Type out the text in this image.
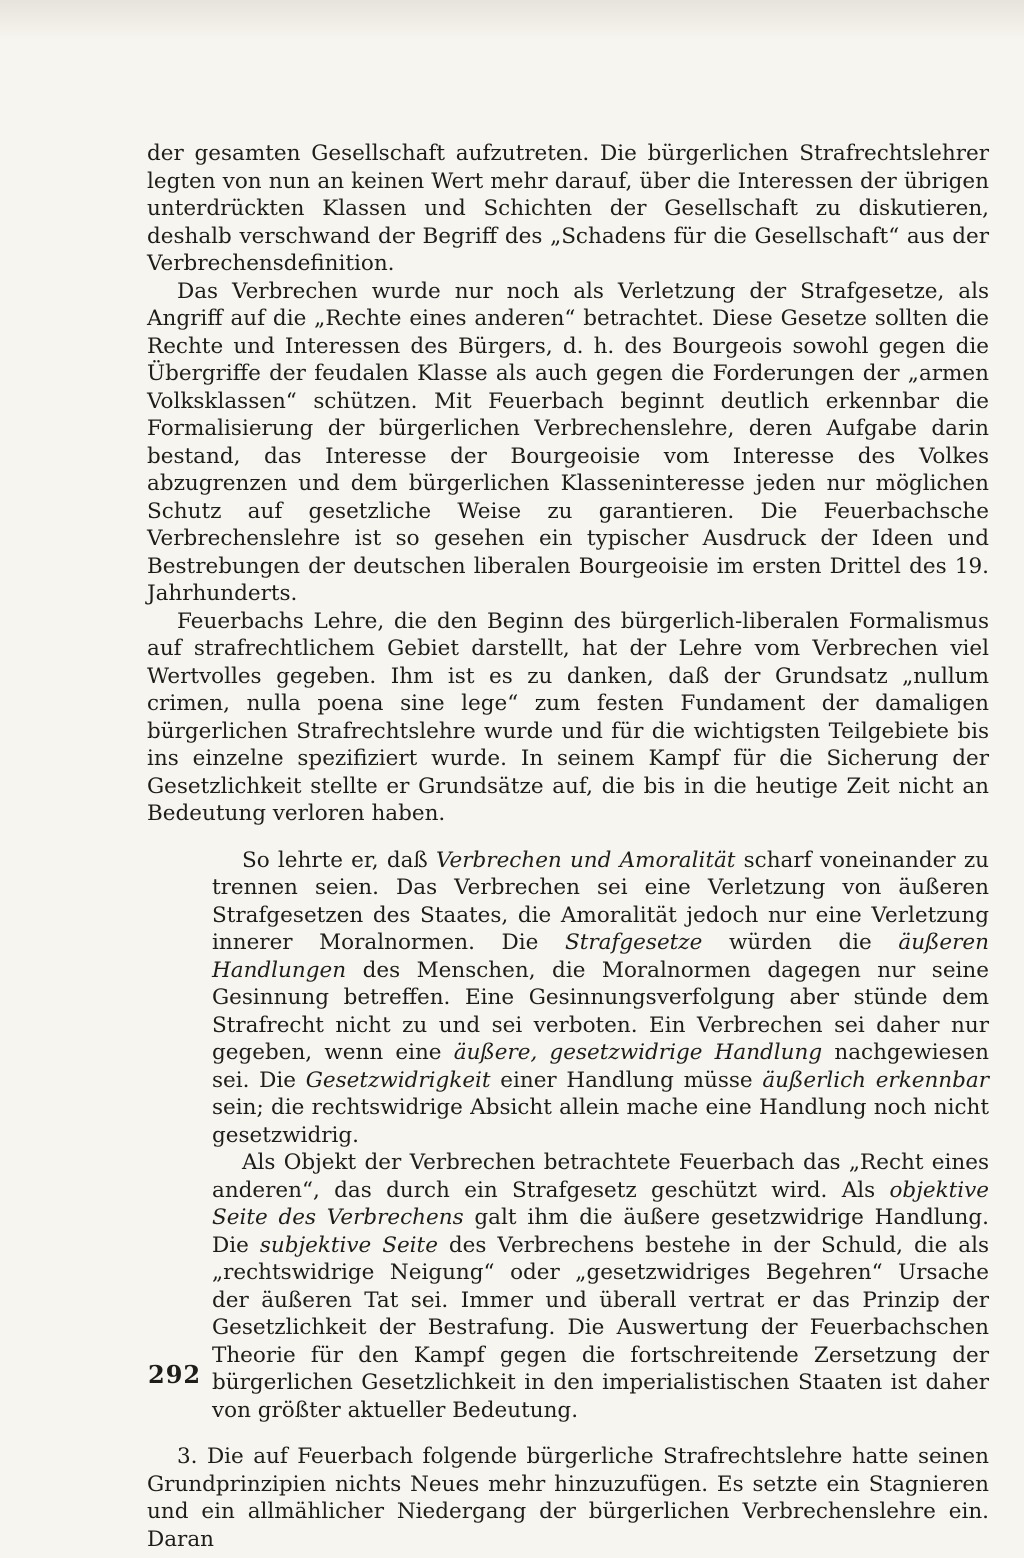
der gesamten Gesellschaft aufzutreten. Die bürgerlichen Strafrechtslehrer legten von nun an keinen Wert mehr darauf, über die Interessen der übrigen unterdrückten Klassen und Schichten der Gesellschaft zu diskutieren, deshalb verschwand der Begriff des „Schadens für die Gesellschaft“ aus der Verbrechensdefinition.

Das Verbrechen wurde nur noch als Verletzung der Strafgesetze, als Angriff auf die „Rechte eines anderen“ betrachtet. Diese Gesetze sollten die Rechte und Interessen des Bürgers, d. h. des Bourgeois sowohl gegen die Übergriffe der feudalen Klasse als auch gegen die Forderungen der „armen Volksklassen“ schützen. Mit Feuerbach beginnt deutlich erkennbar die Formalisierung der bürgerlichen Verbrechenslehre, deren Aufgabe darin bestand, das Interesse der Bourgeoisie vom Interesse des Volkes abzugrenzen und dem bürgerlichen Klasseninteresse jeden nur möglichen Schutz auf gesetzliche Weise zu garantieren. Die Feuerbachsche Verbrechenslehre ist so gesehen ein typischer Ausdruck der Ideen und Bestrebungen der deutschen liberalen Bourgeoisie im ersten Drittel des 19. Jahrhunderts.

Feuerbachs Lehre, die den Beginn des bürgerlich-liberalen Formalismus auf strafrechtlichem Gebiet darstellt, hat der Lehre vom Verbrechen viel Wertvolles gegeben. Ihm ist es zu danken, daß der Grundsatz „nullum crimen, nulla poena sine lege“ zum festen Fundament der damaligen bürgerlichen Strafrechtslehre wurde und für die wichtigsten Teilgebiete bis ins einzelne spezifiziert wurde. In seinem Kampf für die Sicherung der Gesetzlichkeit stellte er Grundsätze auf, die bis in die heutige Zeit nicht an Bedeutung verloren haben.

So lehrte er, daß Verbrechen und Amoralität scharf voneinander zu trennen seien. Das Verbrechen sei eine Verletzung von äußeren Strafgesetzen des Staates, die Amoralität jedoch nur eine Verletzung innerer Moralnormen. Die Strafgesetze würden die äußeren Handlungen des Menschen, die Moralnormen dagegen nur seine Gesinnung betreffen. Eine Gesinnungsverfolgung aber stünde dem Strafrecht nicht zu und sei verboten. Ein Verbrechen sei daher nur gegeben, wenn eine äußere, gesetzwidrige Handlung nachgewiesen sei. Die Gesetzwidrigkeit einer Handlung müsse äußerlich erkennbar sein; die rechtswidrige Absicht allein mache eine Handlung noch nicht gesetzwidrig.

Als Objekt der Verbrechen betrachtete Feuerbach das „Recht eines anderen“, das durch ein Strafgesetz geschützt wird. Als objektive Seite des Verbrechens galt ihm die äußere gesetzwidrige Handlung. Die subjektive Seite des Verbrechens bestehe in der Schuld, die als „rechtswidrige Neigung“ oder „gesetzwidriges Begehren“ Ursache der äußeren Tat sei. Immer und überall vertrat er das Prinzip der Gesetzlichkeit der Bestrafung. Die Auswertung der Feuerbachschen Theorie für den Kampf gegen die fortschreitende Zersetzung der bürgerlichen Gesetzlichkeit in den imperialistischen Staaten ist daher von größter aktueller Bedeutung.

3. Die auf Feuerbach folgende bürgerliche Strafrechtslehre hatte seinen Grundprinzipien nichts Neues mehr hinzuzufügen. Es setzte ein Stagnieren und ein allmählicher Niedergang der bürgerlichen Verbrechenslehre ein. Daran

292
